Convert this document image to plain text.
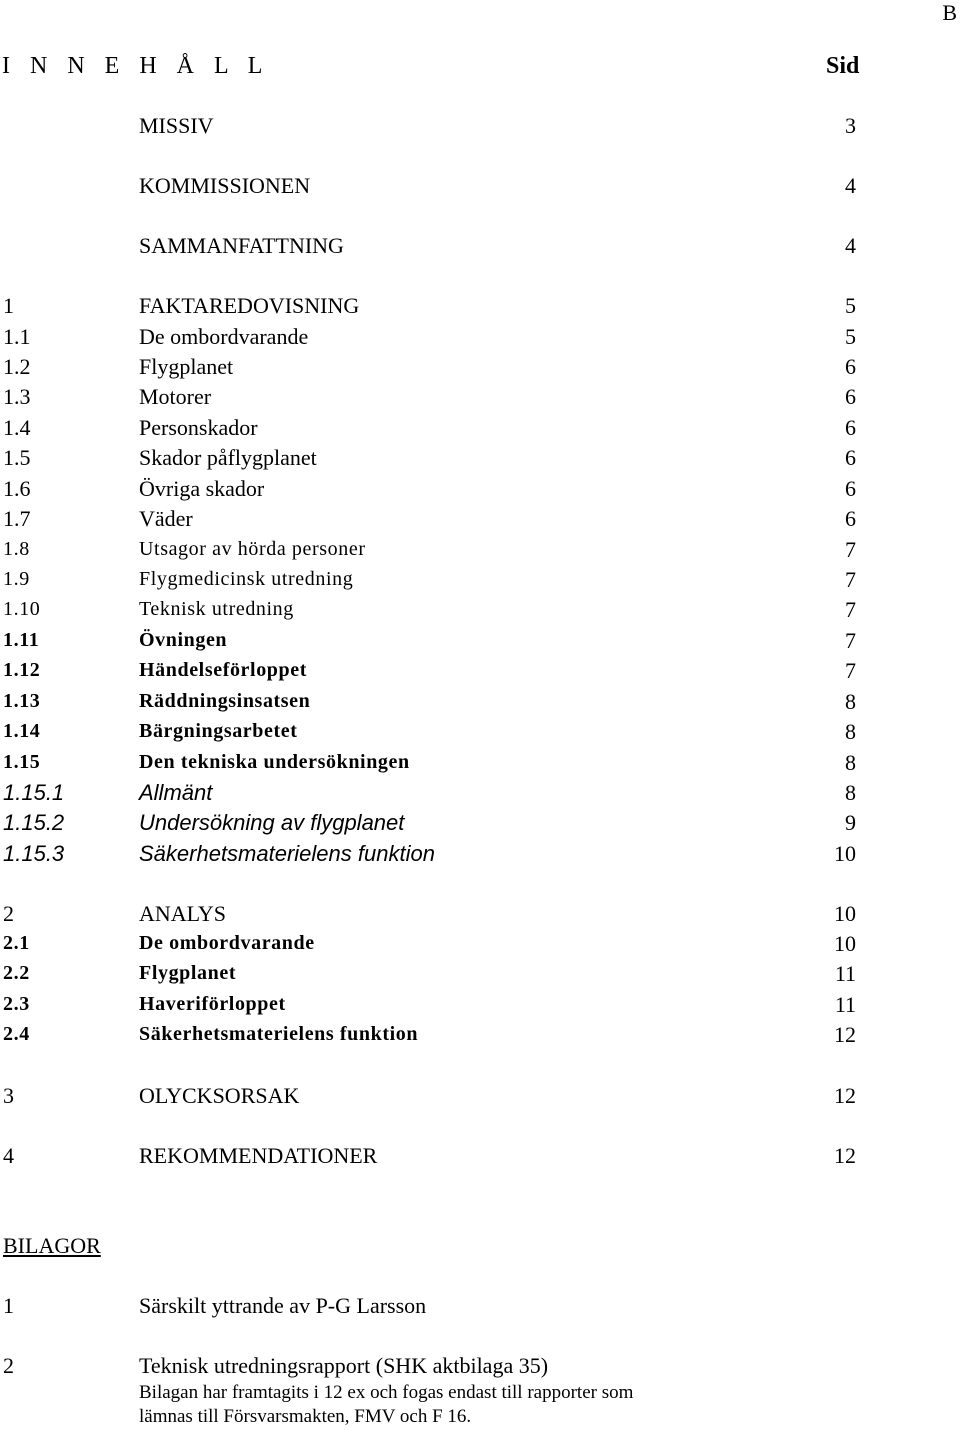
B
I N N E H Å L L	Sid
MISSIV	3
KOMMISSIONEN	4
SAMMANFATTNING	4
1	FAKTAREDOVISNING	5
1.1	De ombordvarande	5
1.2	Flygplanet	6
1.3	Motorer	6
1.4	Personskador	6
1.5	Skador påflygplanet	6
1.6	Övriga skador	6
1.7	Väder	6
1.8	Utsagor av hörda personer	7
1.9	Flygmedicinsk utredning	7
1.10	Teknisk utredning	7
1.11	Övningen	7
1.12	Händelseförloppet	7
1.13	Räddningsinsatsen	8
1.14	Bärgningsarbetet	8
1.15	Den tekniska undersökningen	8
1.15.1	Allmänt	8
1.15.2	Undersökning av flygplanet	9
1.15.3	Säkerhetsmaterielens funktion	10
2	ANALYS	10
2.1	De ombordvarande	10
2.2	Flygplanet	11
2.3	Haveriförloppet	11
2.4	Säkerhetsmaterielens funktion	12
3	OLYCKSORSAK	12
4	REKOMMENDATIONER	12
BILAGOR
1	Särskilt yttrande av P-G Larsson
2	Teknisk utredningsrapport (SHK aktbilaga 35)
Bilagan har framtagits i 12 ex och fogas endast till rapporter som
lämnas till Försvarsmakten, FMV och F 16.
